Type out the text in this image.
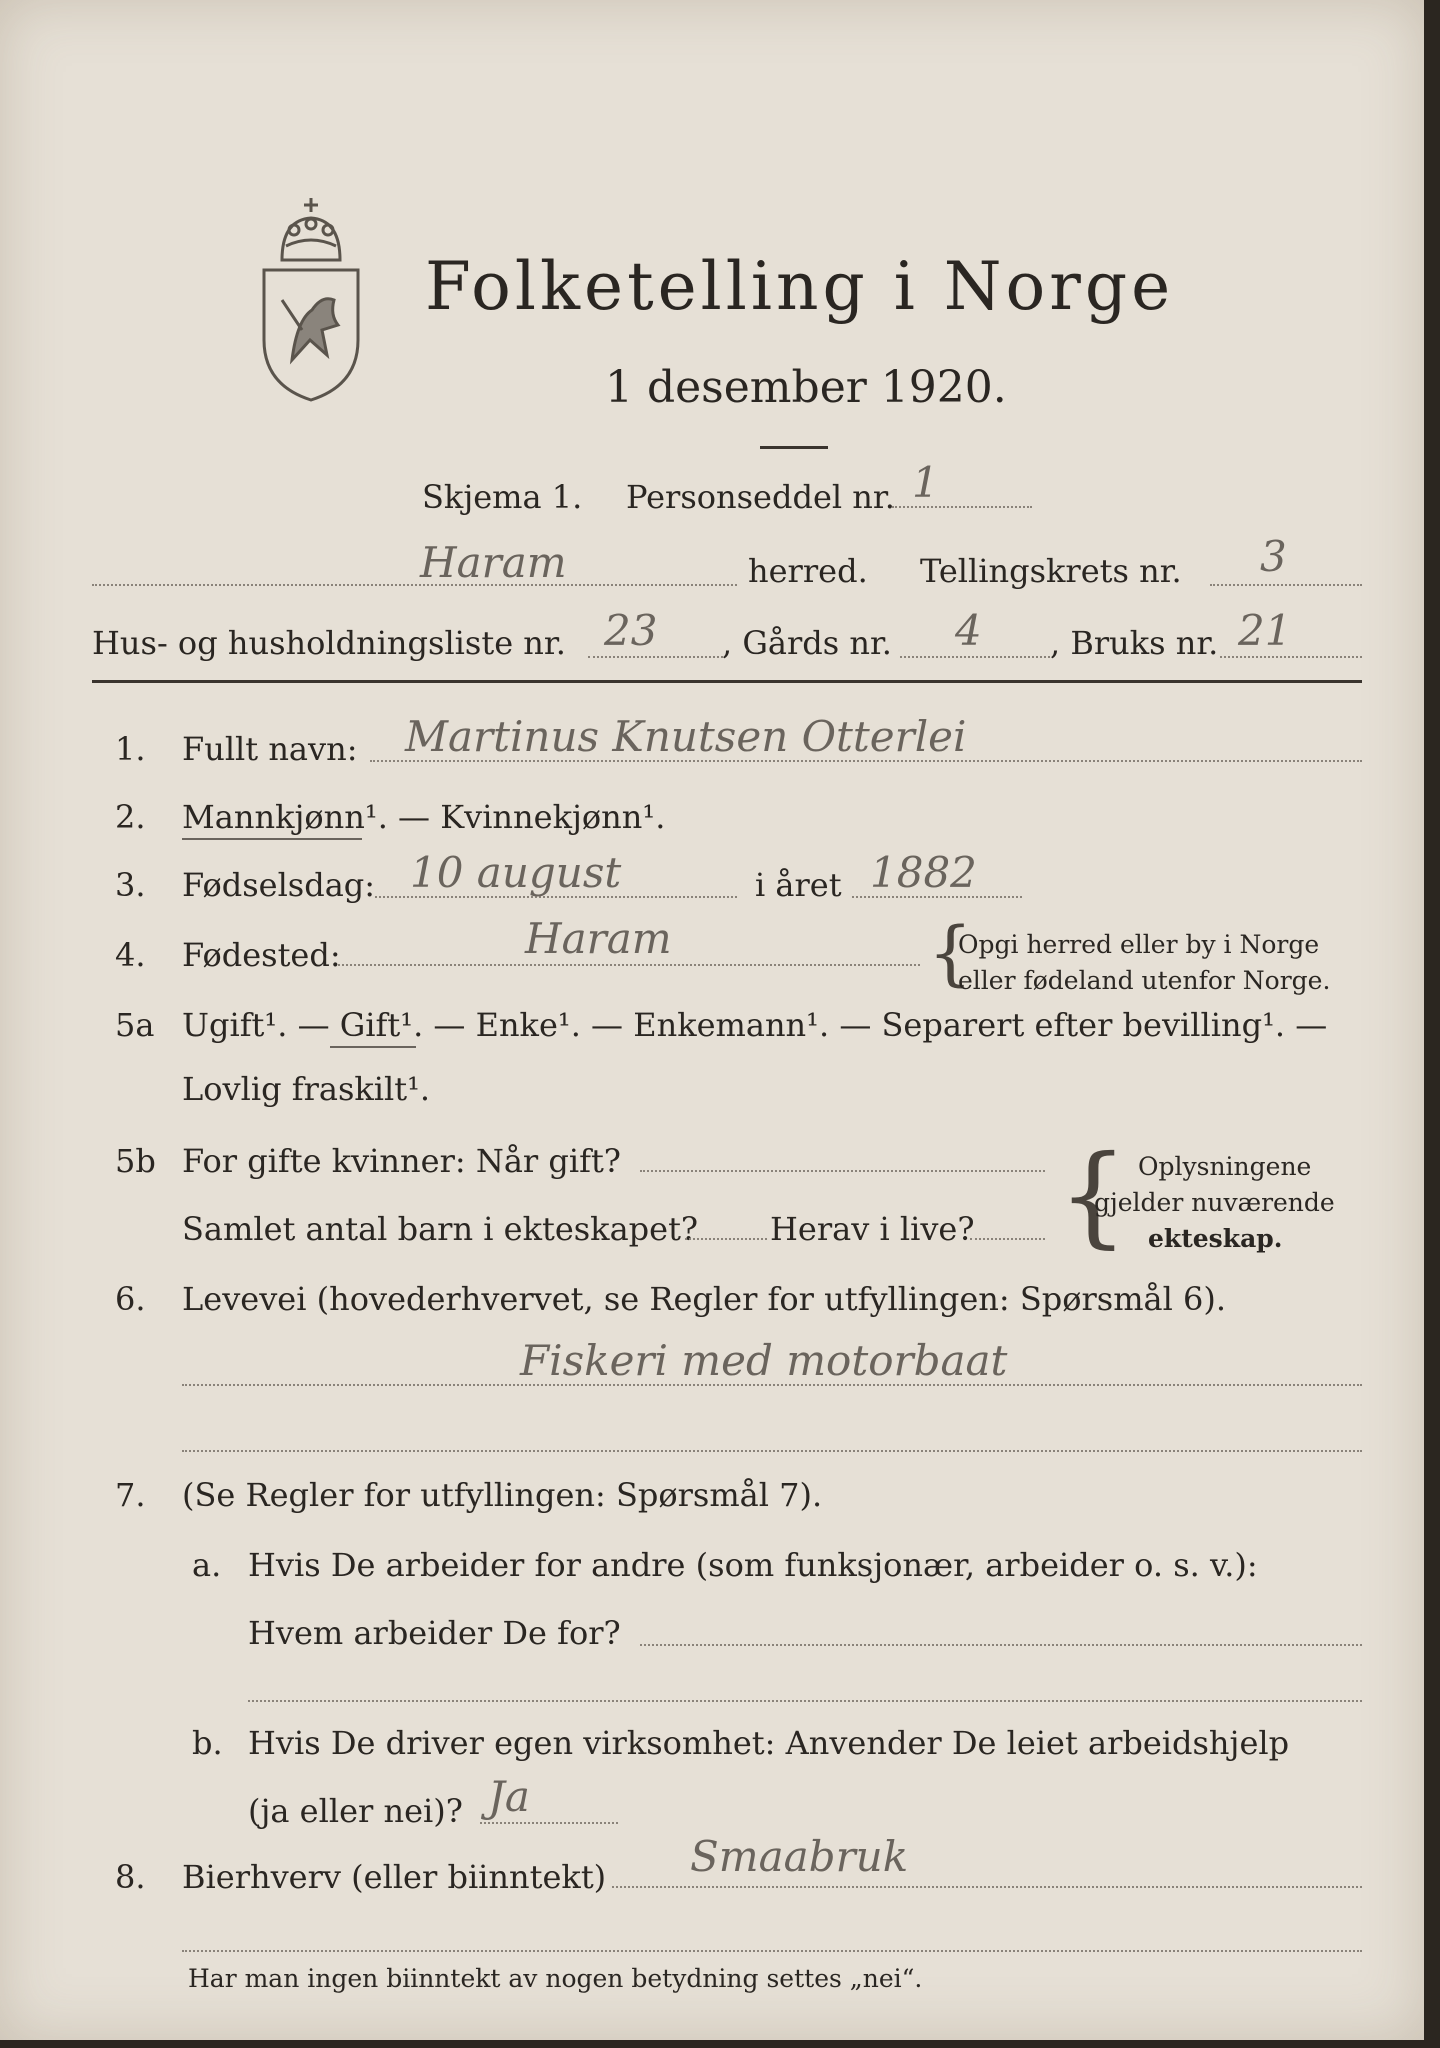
Folketelling i Norge
1 desember 1920.
Skjema 1. Personseddel nr. 1
Haram	herred. Tellingskrets nr. 3
Hus- og husholdningsliste nr. 23 , Gårds nr. 4 , Bruks nr. 21
1. Fullt navn: Martinus Knutsen Otterlei
2. Mannkjønn¹. — Kvinnekjønn¹.
3. Fødselsdag: 10 august	i året 1882
4. Fødested:	Haram	{
Opgi herred eller by i Norge
eller fødeland utenfor Norge.
5a Ugift¹. — Gift¹. — Enke¹. — Enkemann¹. — Separert efter bevilling¹. —
Lovlig fraskilt¹.
5b For gifte kvinner: Når gift?
Samlet antal barn i ekteskapet? Herav i live? { Oplysningene
gjelder nuværende
ekteskap.
6. Levevei (hovederhvervet, se Regler for utfyllingen: Spørsmål 6).
Fiskeri med motorbaat
7. (Se Regler for utfyllingen: Spørsmål 7).
a. Hvis De arbeider for andre (som funksjonær, arbeider o. s. v.):
Hvem arbeider De for?
b. Hvis De driver egen virksomhet: Anvender De leiet arbeidshjelp
(ja eller nei)? Ja
8. Bierhverv (eller biinntekt) Smaabruk
Har man ingen biinntekt av nogen betydning settes „nei“.
